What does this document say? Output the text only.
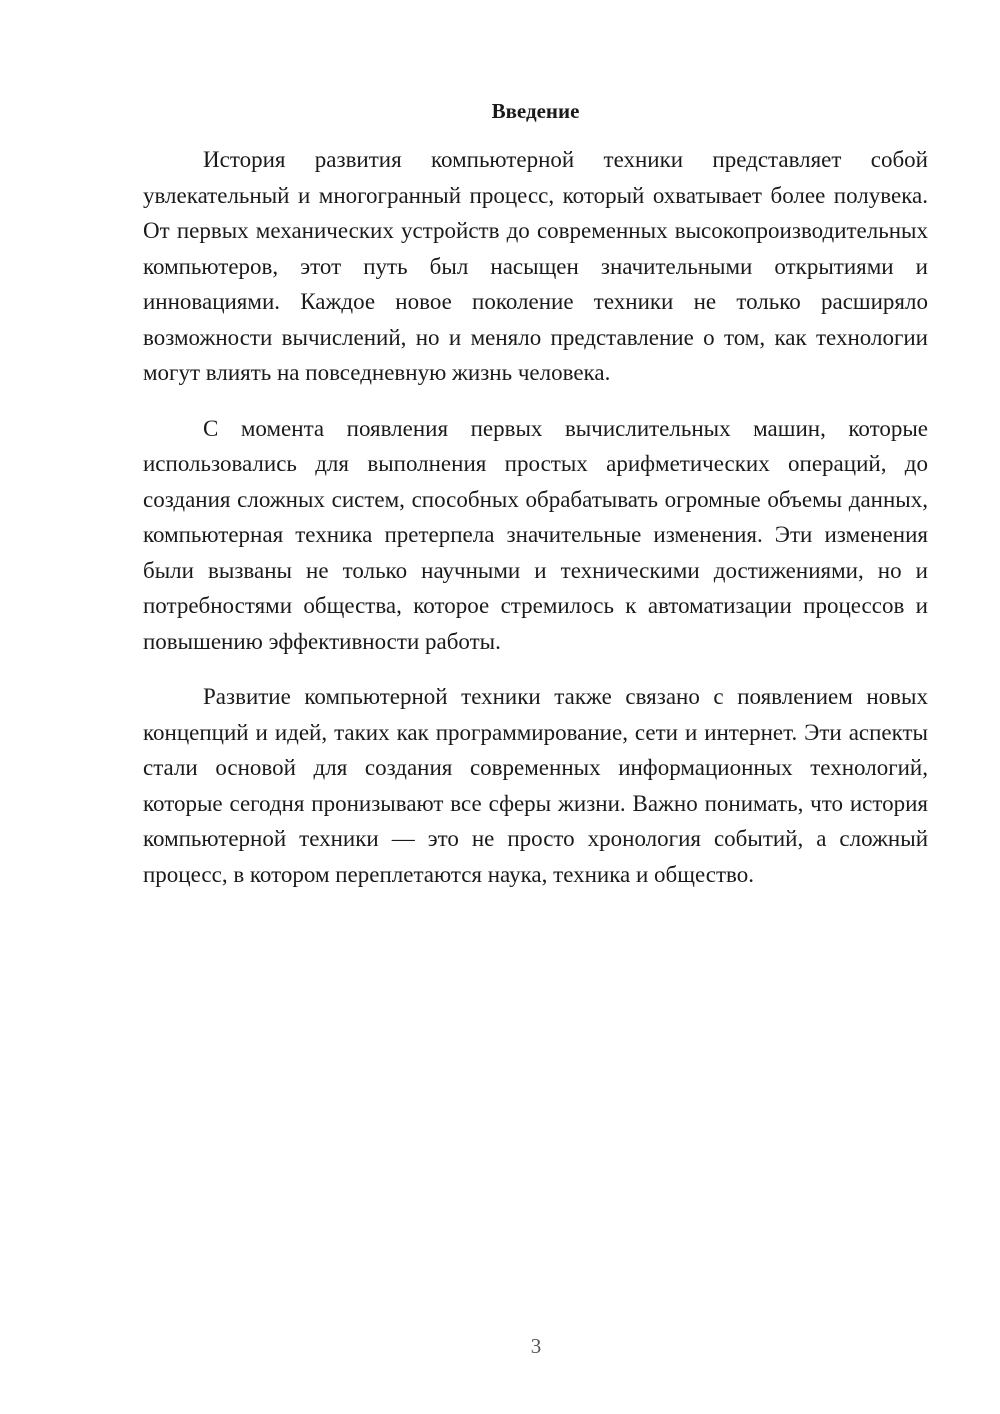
Введение

История развития компьютерной техники представляет собой увлекательный и многогранный процесс, который охватывает более полувека. От первых механических устройств до современных высокопроизводительных компьютеров, этот путь был насыщен значительными открытиями и инновациями. Каждое новое поколение техники не только расширяло возможности вычислений, но и меняло представление о том, как технологии могут влиять на повседневную жизнь человека.

С момента появления первых вычислительных машин, которые использовались для выполнения простых арифметических операций, до создания сложных систем, способных обрабатывать огромные объемы данных, компьютерная техника претерпела значительные изменения. Эти изменения были вызваны не только научными и техническими достижениями, но и потребностями общества, которое стремилось к автоматизации процессов и повышению эффективности работы.

Развитие компьютерной техники также связано с появлением новых концепций и идей, таких как программирование, сети и интернет. Эти аспекты стали основой для создания современных информационных технологий, которые сегодня пронизывают все сферы жизни. Важно понимать, что история компьютерной техники — это не просто хронология событий, а сложный процесс, в котором переплетаются наука, техника и общество.

3
